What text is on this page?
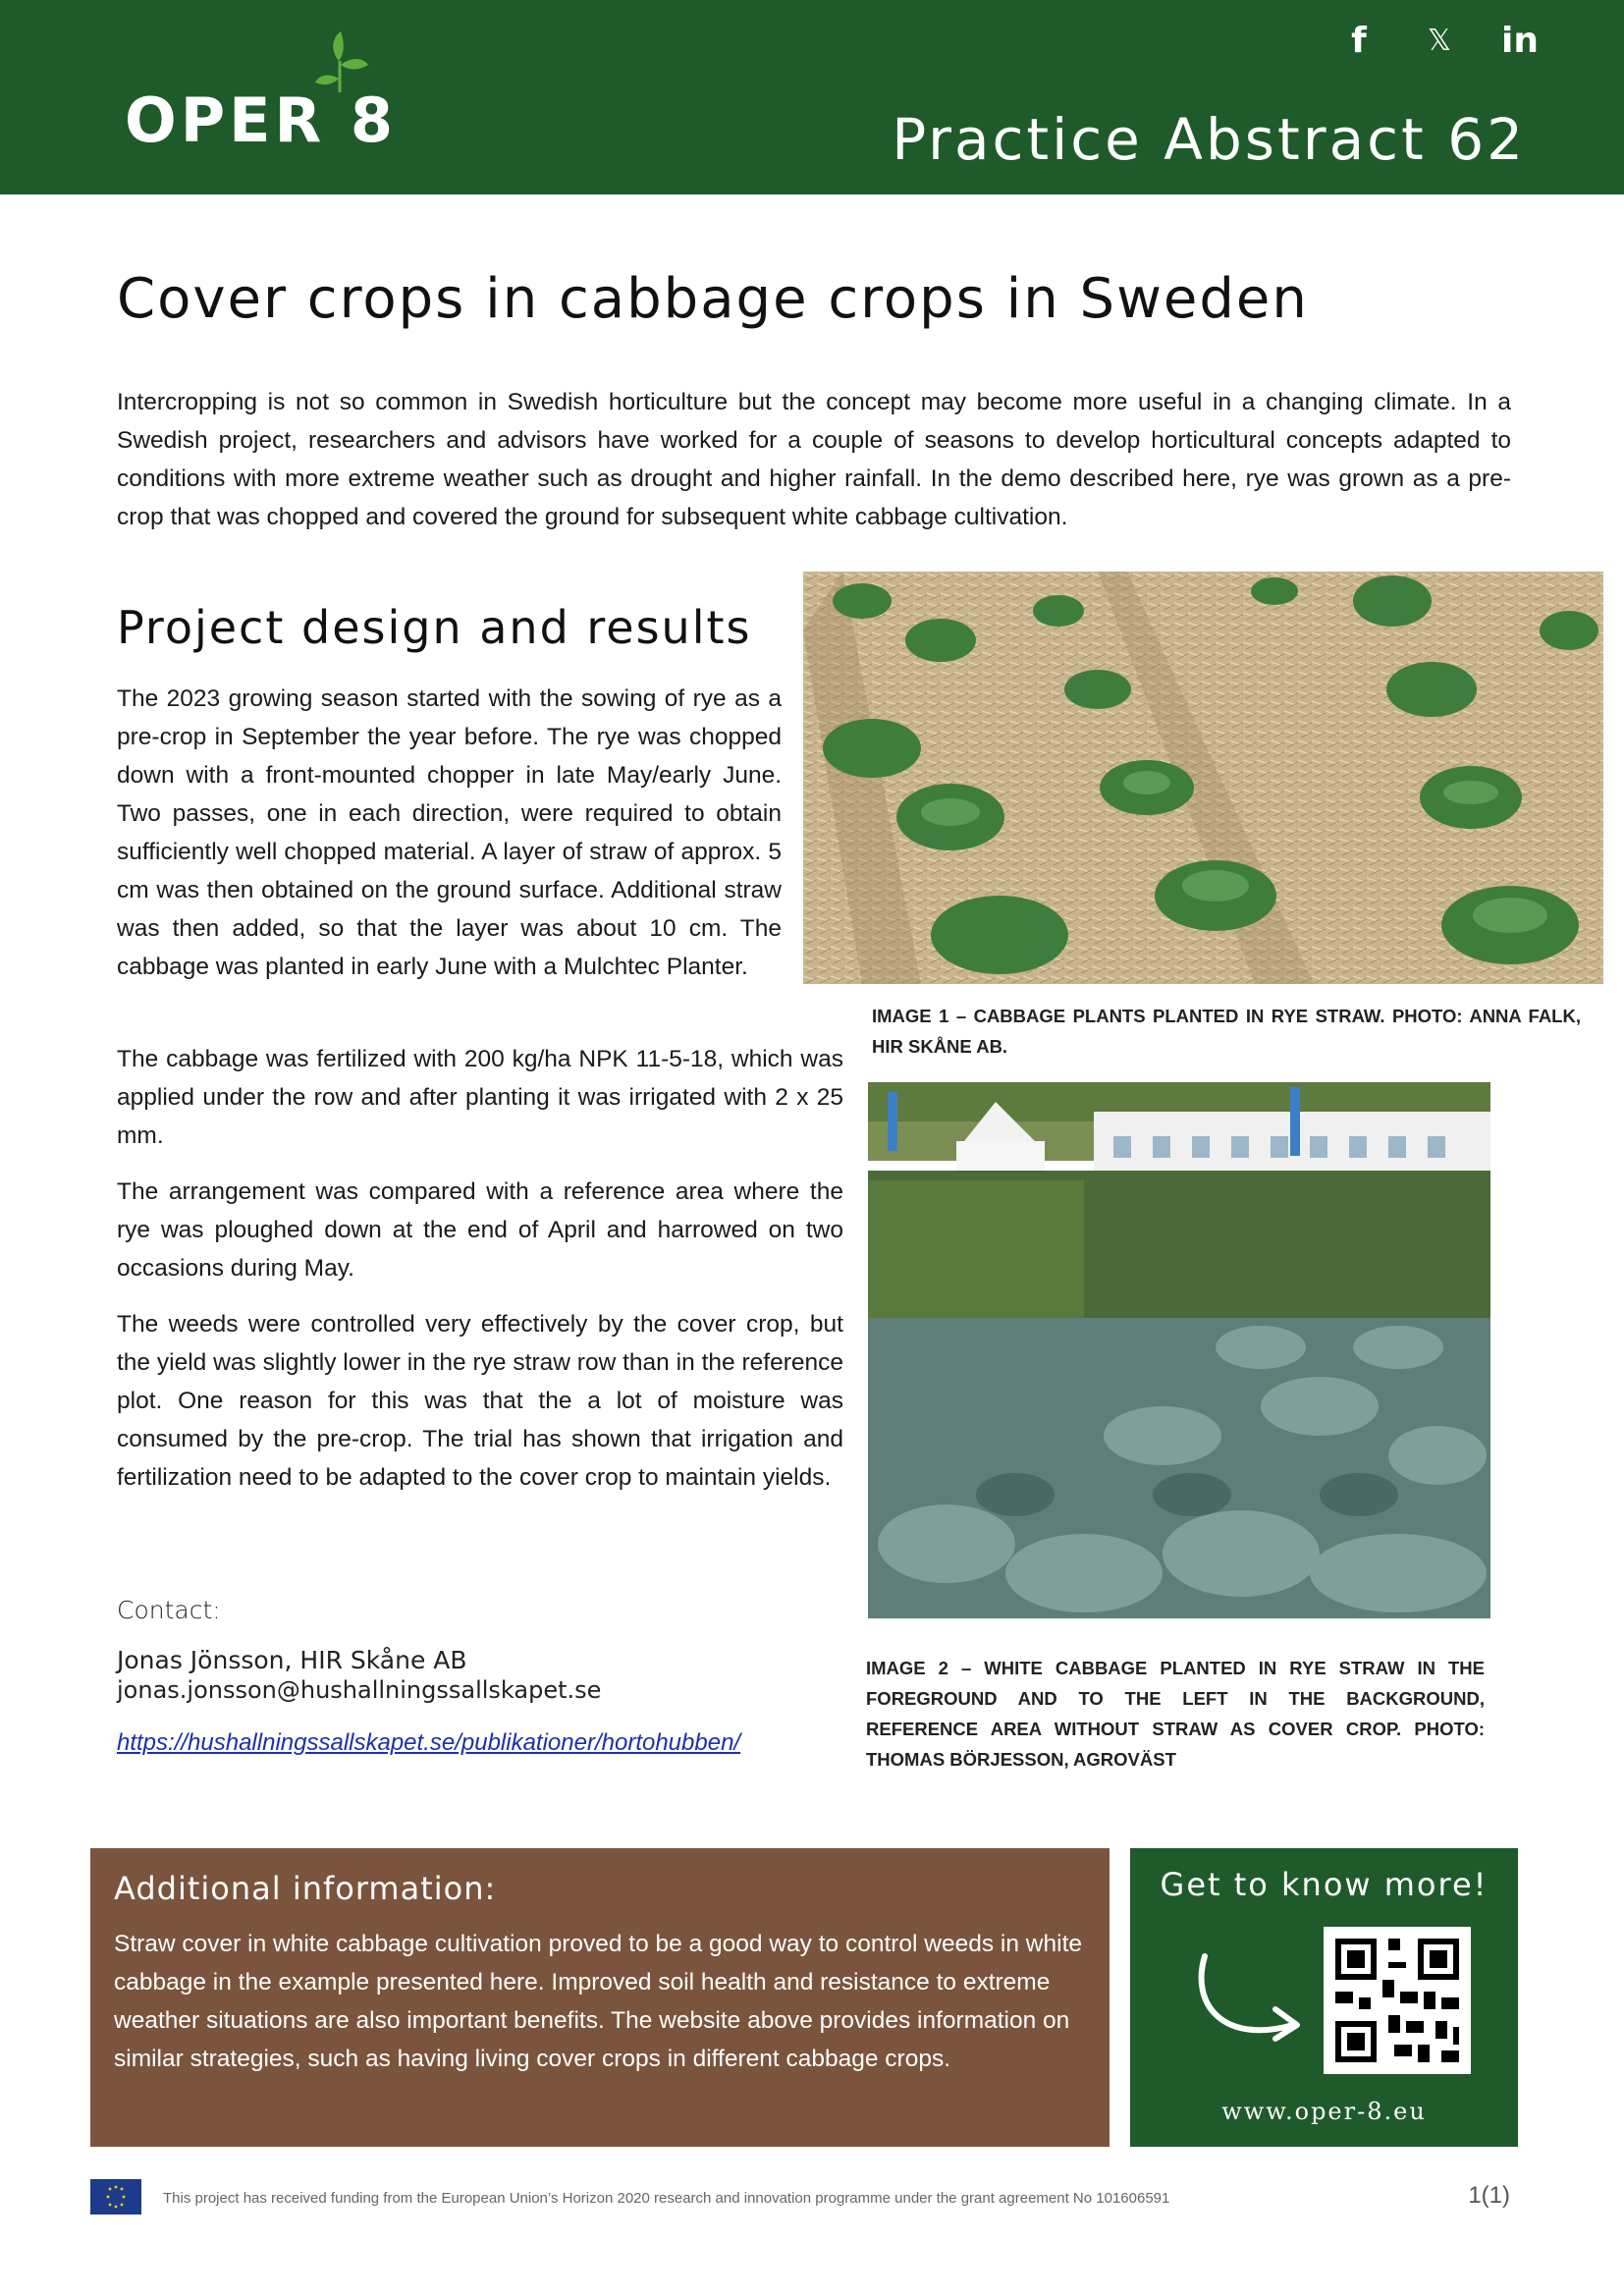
OPER 8
f	𝕏 in
Practice Abstract 62
Cover crops in cabbage crops in Sweden

Intercropping is not so common in Swedish horticulture but the concept may become more useful in a changing climate. In a Swedish project, researchers and advisors have worked for a couple of seasons to develop horticultural concepts adapted to conditions with more extreme weather such as drought and higher rainfall. In the demo described here, rye was grown as a pre-crop that was chopped and covered the ground for subsequent white cabbage cultivation.

Project design and results

The 2023 growing season started with the sowing of rye as a pre-crop in September the year before. The rye was chopped down with a front-mounted chopper in late May/early June. Two passes, one in each direction, were required to obtain sufficiently well chopped material. A layer of straw of approx. 5 cm was then obtained on the ground surface. Additional straw was then added, so that the layer was about 10 cm. The cabbage was planted in early June with a Mulchtec Planter.

The cabbage was fertilized with 200 kg/ha NPK 11-5-18, which was applied under the row and after planting it was irrigated with 2 x 25 mm.

The arrangement was compared with a reference area where the rye was ploughed down at the end of April and harrowed on two occasions during May.

The weeds were controlled very effectively by the cover crop, but the yield was slightly lower in the rye straw row than in the reference plot. One reason for this was that the a lot of moisture was consumed by the pre-crop. The trial has shown that irrigation and fertilization need to be adapted to the cover crop to maintain yields.

IMAGE 1 – CABBAGE PLANTS PLANTED IN RYE STRAW. PHOTO: ANNA FALK, HIR SKÅNE AB.

IMAGE 2 – WHITE CABBAGE PLANTED IN RYE STRAW IN THE FOREGROUND AND TO THE LEFT IN THE BACKGROUND, REFERENCE AREA WITHOUT STRAW AS COVER CROP. PHOTO: THOMAS BÖRJESSON, AGROVÄST

Contact:
Jonas Jönsson, HIR Skåne AB
jonas.jonsson@hushallningssallskapet.se
https://hushallningssallskapet.se/publikationer/hortohubben/
Additional information:

Straw cover in white cabbage cultivation proved to be a good way to control weeds in white cabbage in the example presented here. Improved soil health and resistance to extreme weather situations are also important benefits. The website above provides information on similar strategies, such as having living cover crops in different cabbage crops.

Get to know more!
www.oper-8.eu
This project has received funding from the European Union’s Horizon 2020 research and innovation programme under the grant agreement No 101606591	1(1)
